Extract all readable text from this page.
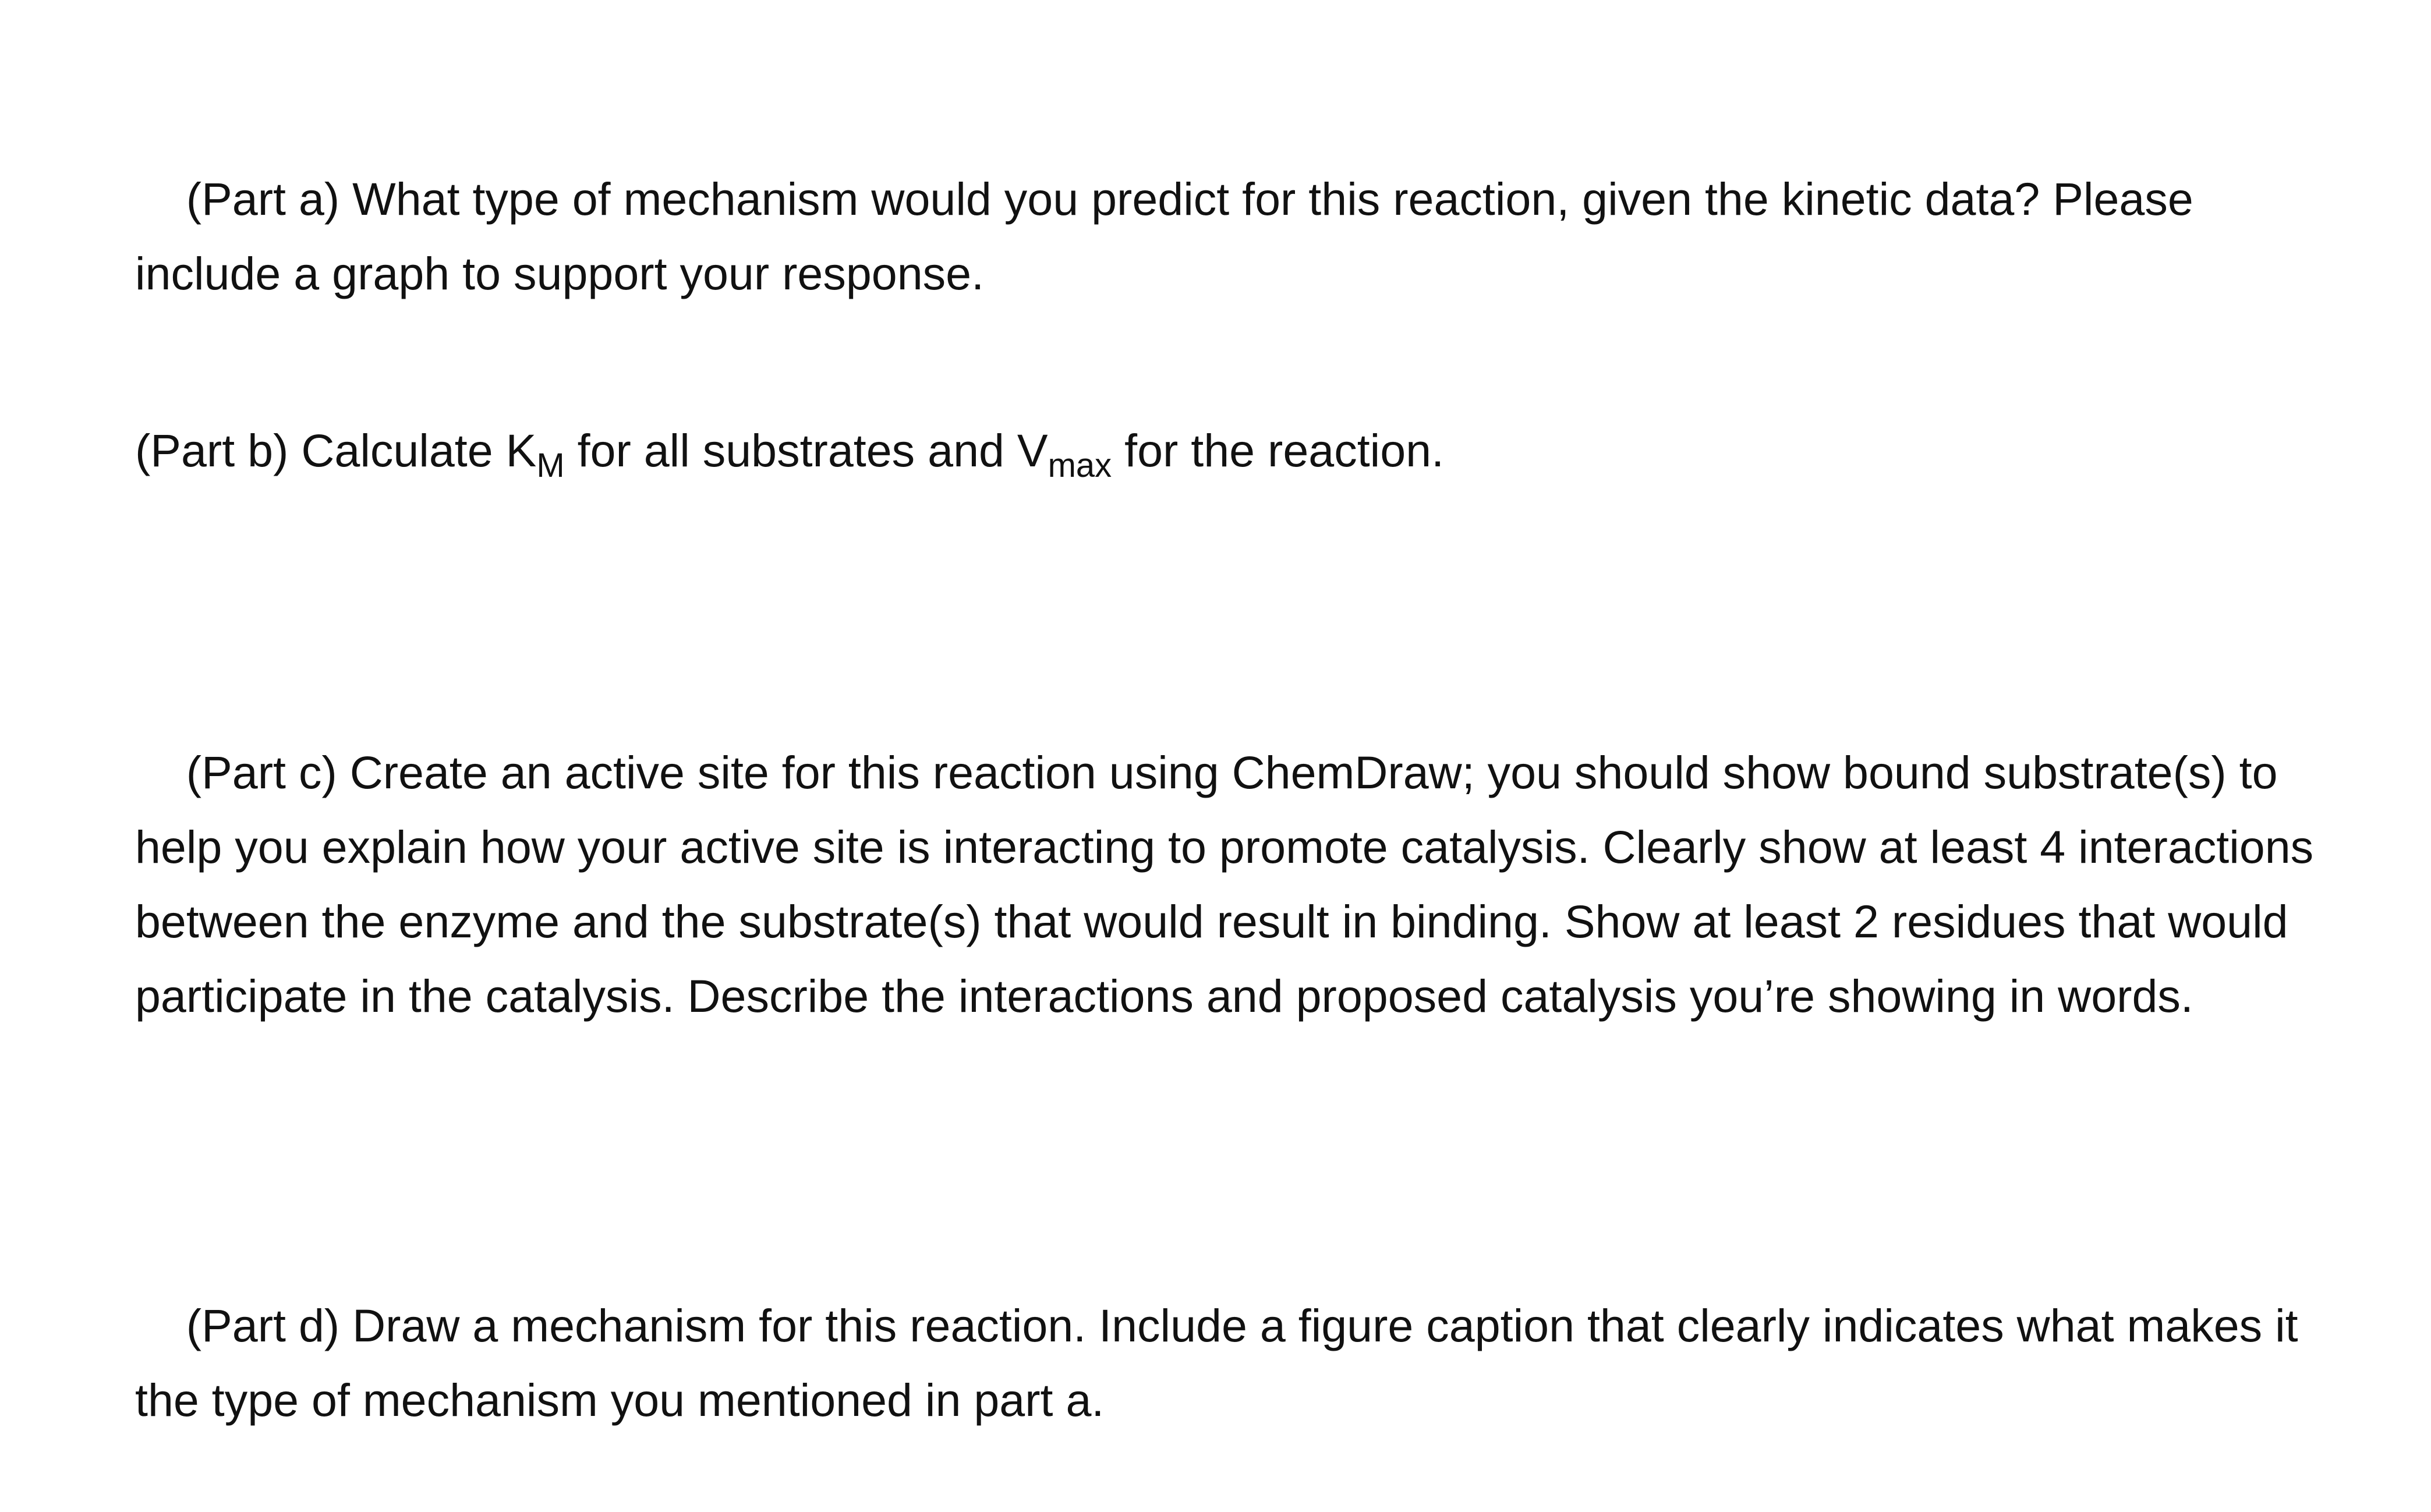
(Part a) What type of mechanism would you predict for this reaction, given the kinetic data? Please include a graph to support your response.

(Part b) Calculate $K_M$ for all substrates and $V_{max}$ for the reaction.

(Part c) Create an active site for this reaction using ChemDraw; you should show bound substrate(s) to help you explain how your active site is interacting to promote catalysis. Clearly show at least 4 interactions between the enzyme and the substrate(s) that would result in binding. Show at least 2 residues that would participate in the catalysis. Describe the interactions and proposed catalysis you’re showing in words.

(Part d) Draw a mechanism for this reaction. Include a figure caption that clearly indicates what makes it the type of mechanism you mentioned in part a.
